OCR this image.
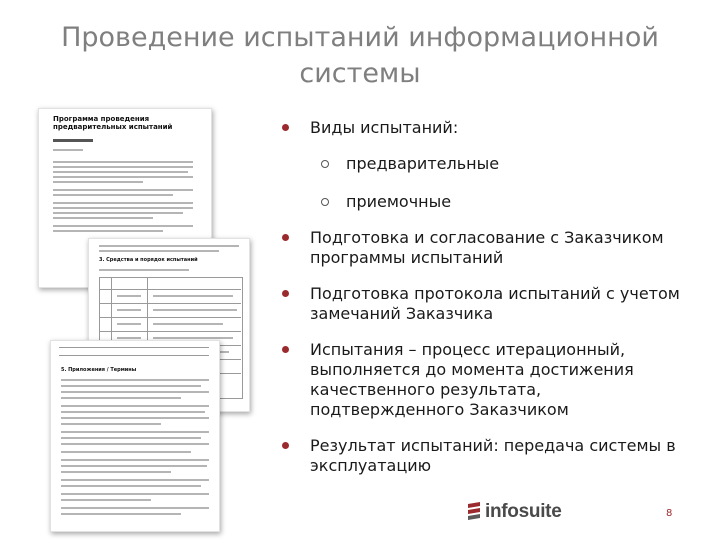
Проведение испытаний информационной системы
Программа проведения предварительных испытаний
3. Средства и порядок испытаний
5. Приложения / Термины
Виды испытаний:
предварительные
приемочные
Подготовка и согласование с Заказчиком программы испытаний
Подготовка протокола испытаний с учетом замечаний Заказчика
Испытания – процесс итерационный, выполняется до момента достижения качественного результата, подтвержденного Заказчиком
Результат испытаний: передача системы в эксплуатацию
infosuite	8
